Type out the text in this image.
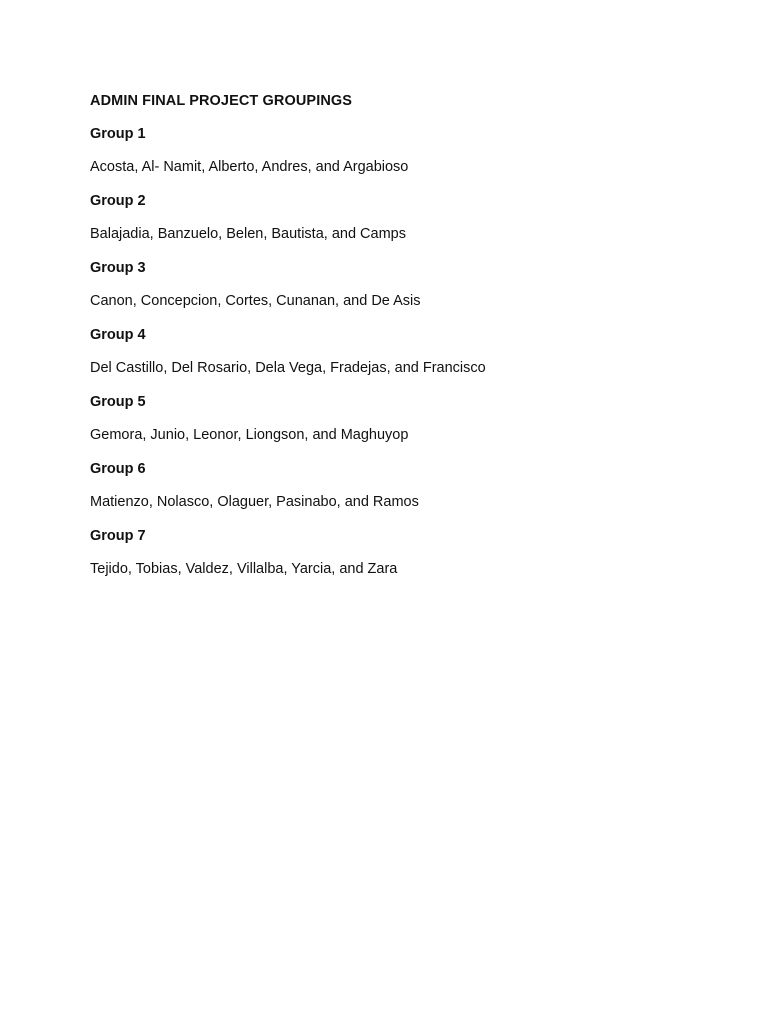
ADMIN FINAL PROJECT GROUPINGS
Group 1
Acosta, Al- Namit, Alberto, Andres, and Argabioso
Group 2
Balajadia, Banzuelo, Belen, Bautista, and Camps
Group 3
Canon, Concepcion, Cortes, Cunanan, and De Asis
Group 4
Del Castillo, Del Rosario, Dela Vega, Fradejas, and Francisco
Group 5
Gemora, Junio, Leonor, Liongson, and Maghuyop
Group 6
Matienzo, Nolasco, Olaguer, Pasinabo, and Ramos
Group 7
Tejido, Tobias, Valdez, Villalba, Yarcia, and Zara
